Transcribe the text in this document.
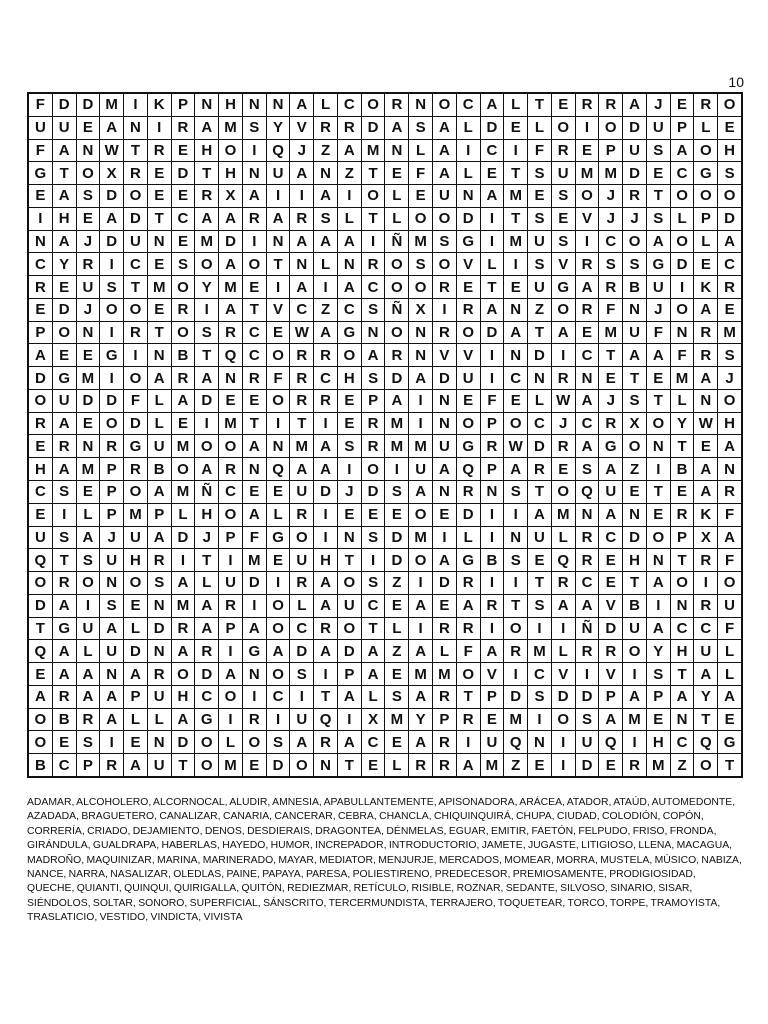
10
F	D	D	M	I	K	P	N	H	N	N	A	L	C	O	R	N	O	C	A	L	T	E	R	R	A	J	E	R	O
U	U	E	A	N	I	R	A	M	S	Y	V	R	R	D	A	S	A	L	D	E	L	O	I	O	D	U	P	L	E
F	A	N	W	T	R	E	H	O	I	Q	J	Z	A	M	N	L	A	I	C	I	F	R	E	P	U	S	A	O	H
G	T	O	X	R	E	D	T	H	N	U	A	N	Z	T	E	F	A	L	E	T	S	U	M	M	D	E	C	G	S
E	A	S	D	O	E	E	R	X	A	I	I	A	I	O	L	E	U	N	A	M	E	S	O	J	R	T	O	O	O
I	H	E	A	D	T	C	A	A	R	A	R	S	L	T	L	O	O	D	I	T	S	E	V	J	J	S	L	P	D
N	A	J	D	U	N	E	M	D	I	N	A	A	A	I	Ñ	M	S	G	I	M	U	S	I	C	O	A	O	L	A
C	Y	R	I	C	E	S	O	A	O	T	N	L	N	R	O	S	O	V	L	I	S	V	R	S	S	G	D	E	C
R	E	U	S	T	M	O	Y	M	E	I	A	I	A	C	O	O	R	E	T	E	U	G	A	R	B	U	I	K	R
E	D	J	O	O	E	R	I	A	T	V	C	Z	C	S	Ñ	X	I	R	A	N	Z	O	R	F	N	J	O	A	E
P	O	N	I	R	T	O	S	R	C	E	W	A	G	N	O	N	R	O	D	A	T	A	E	M	U	F	N	R	M
A	E	E	G	I	N	B	T	Q	C	O	R	R	O	A	R	N	V	V	I	N	D	I	C	T	A	A	F	R	S
D	G	M	I	O	A	R	A	N	R	F	R	C	H	S	D	A	D	U	I	C	N	R	N	E	T	E	M	A	J
O	U	D	D	F	L	A	D	E	E	O	R	R	E	P	A	I	N	E	F	E	L	W	A	J	S	T	L	N	O
R	A	E	O	D	L	E	I	M	T	I	T	I	E	R	M	I	N	O	P	O	C	J	C	R	X	O	Y	W	H
E	R	N	R	G	U	M	O	O	A	N	M	A	S	R	M	M	U	G	R	W	D	R	A	G	O	N	T	E	A
H	A	M	P	R	B	O	A	R	N	Q	A	A	I	O	I	U	A	Q	P	A	R	E	S	A	Z	I	B	A	N
C	S	E	P	O	A	M	Ñ	C	E	E	U	D	J	D	S	A	N	R	N	S	T	O	Q	U	E	T	E	A	R
E	I	L	P	M	P	L	H	O	A	L	R	I	E	E	E	O	E	D	I	I	A	M	N	A	N	E	R	K	F
U	S	A	J	U	A	D	J	P	F	G	O	I	N	S	D	M	I	L	I	N	U	L	R	C	D	O	P	X	A
Q	T	S	U	H	R	I	T	I	M	E	U	H	T	I	D	O	A	G	B	S	E	Q	R	E	H	N	T	R	F
O	R	O	N	O	S	A	L	U	D	I	R	A	O	S	Z	I	D	R	I	I	T	R	C	E	T	A	O	I	O
D	A	I	S	E	N	M	A	R	I	O	L	A	U	C	E	A	E	A	R	T	S	A	A	V	B	I	N	R	U
T	G	U	A	L	D	R	A	P	A	O	C	R	O	T	L	I	R	R	I	O	I	I	Ñ	D	U	A	C	C	F
Q	A	L	U	D	N	A	R	I	G	A	D	A	D	A	Z	A	L	F	A	R	M	L	R	R	O	Y	H	U	L
E	A	A	N	A	R	O	D	A	N	O	S	I	P	A	E	M	M	O	V	I	C	V	I	V	I	S	T	A	L
A	R	A	A	P	U	H	C	O	I	C	I	T	A	L	S	A	R	T	P	D	S	D	D	P	A	P	A	Y	A
O	B	R	A	L	L	A	G	I	R	I	U	Q	I	X	M	Y	P	R	E	M	I	O	S	A	M	E	N	T	E
O	E	S	I	E	N	D	O	L	O	S	A	R	A	C	E	A	R	I	U	Q	N	I	U	Q	I	H	C	Q	G
B	C	P	R	A	U	T	O	M	E	D	O	N	T	E	L	R	R	A	M	Z	E	I	D	E	R	M	Z	O	T
ADAMAR, ALCOHOLERO, ALCORNOCAL, ALUDIR, AMNESIA, APABULLANTEMENTE, APISONADORA, ARÁCEA, ATADOR, ATAÚD, AUTOMEDONTE, AZADADA, BRAGUETERO, CANALIZAR, CANARIA, CANCERAR, CEBRA, CHANCLA, CHIQUINQUIRÁ, CHUPA, CIUDAD, COLODIÓN, COPÓN, CORRERÍA, CRIADO, DEJAMIENTO, DENOS, DESDIERAIS, DRAGONTEA, DÉNMELAS, EGUAR, EMITIR, FAETÓN, FELPUDO, FRISO, FRONDA, GIRÁNDULA, GUALDRAPA, HABERLAS, HAYEDO, HUMOR, INCREPADOR, INTRODUCTORIO, JAMETE, JUGASTE, LITIGIOSO, LLENA, MACAGUA, MADROÑO, MAQUINIZAR, MARINA, MARINERADO, MAYAR, MEDIATOR, MENJURJE, MERCADOS, MOMEAR, MORRA, MUSTELA, MÚSICO, NABIZA, NANCE, NARRA, NASALIZAR, OLEDLAS, PAINE, PAPAYA, PARESA, POLIESTIRENO, PREDECESOR, PREMIOSAMENTE, PRODIGIOSIDAD, QUECHE, QUIANTI, QUINQUI, QUIRIGALLA, QUITÓN, REDIEZMAR, RETÍCULO, RISIBLE, ROZNAR, SEDANTE, SILVOSO, SINARIO, SISAR, SIÉNDOLOS, SOLTAR, SONORO, SUPERFICIAL, SÁNSCRITO, TERCERMUNDISTA, TERRAJERO, TOQUETEAR, TORCO, TORPE, TRAMOYISTA, TRASLATICIO, VESTIDO, VINDICTA, VIVISTA
